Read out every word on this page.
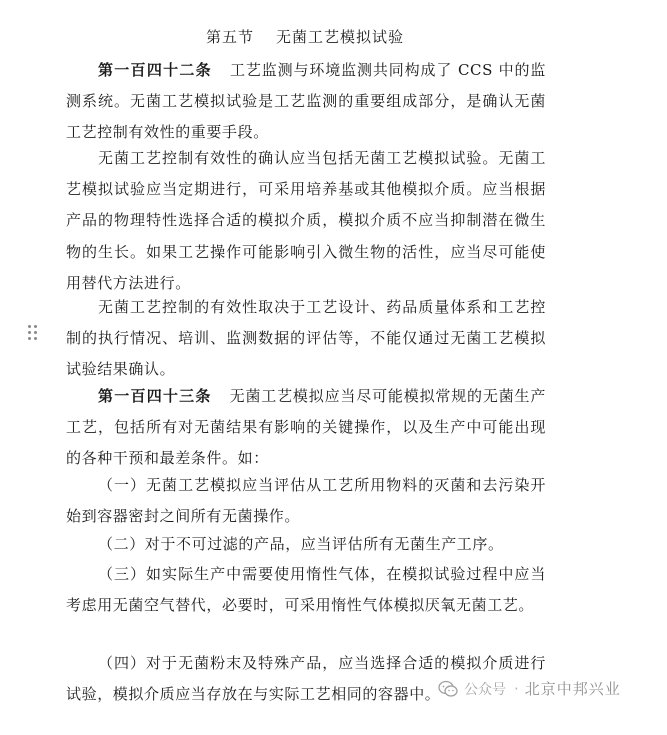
第五节 无菌工艺模拟试验

第一百四十二条 工艺监测与环境监测共同构成了 CCS 中的监测系统。无菌工艺模拟试验是工艺监测的重要组成部分，是确认无菌工艺控制有效性的重要手段。

无菌工艺控制有效性的确认应当包括无菌工艺模拟试验。无菌工艺模拟试验应当定期进行，可采用培养基或其他模拟介质。应当根据产品的物理特性选择合适的模拟介质，模拟介质不应当抑制潜在微生物的生长。如果工艺操作可能影响引入微生物的活性，应当尽可能使用替代方法进行。

无菌工艺控制的有效性取决于工艺设计、药品质量体系和工艺控制的执行情况、培训、监测数据的评估等，不能仅通过无菌工艺模拟试验结果确认。

第一百四十三条 无菌工艺模拟应当尽可能模拟常规的无菌生产工艺，包括所有对无菌结果有影响的关键操作，以及生产中可能出现的各种干预和最差条件。如：

（一）无菌工艺模拟应当评估从工艺所用物料的灭菌和去污染开始到容器密封之间所有无菌操作。

（二）对于不可过滤的产品，应当评估所有无菌生产工序。

（三）如实际生产中需要使用惰性气体，在模拟试验过程中应当考虑用无菌空气替代，必要时，可采用惰性气体模拟厌氧无菌工艺。

（四）对于无菌粉末及特殊产品，应当选择合适的模拟介质进行试验，模拟介质应当存放在与实际工艺相同的容器中。	公众号 · 北京中邦兴业
